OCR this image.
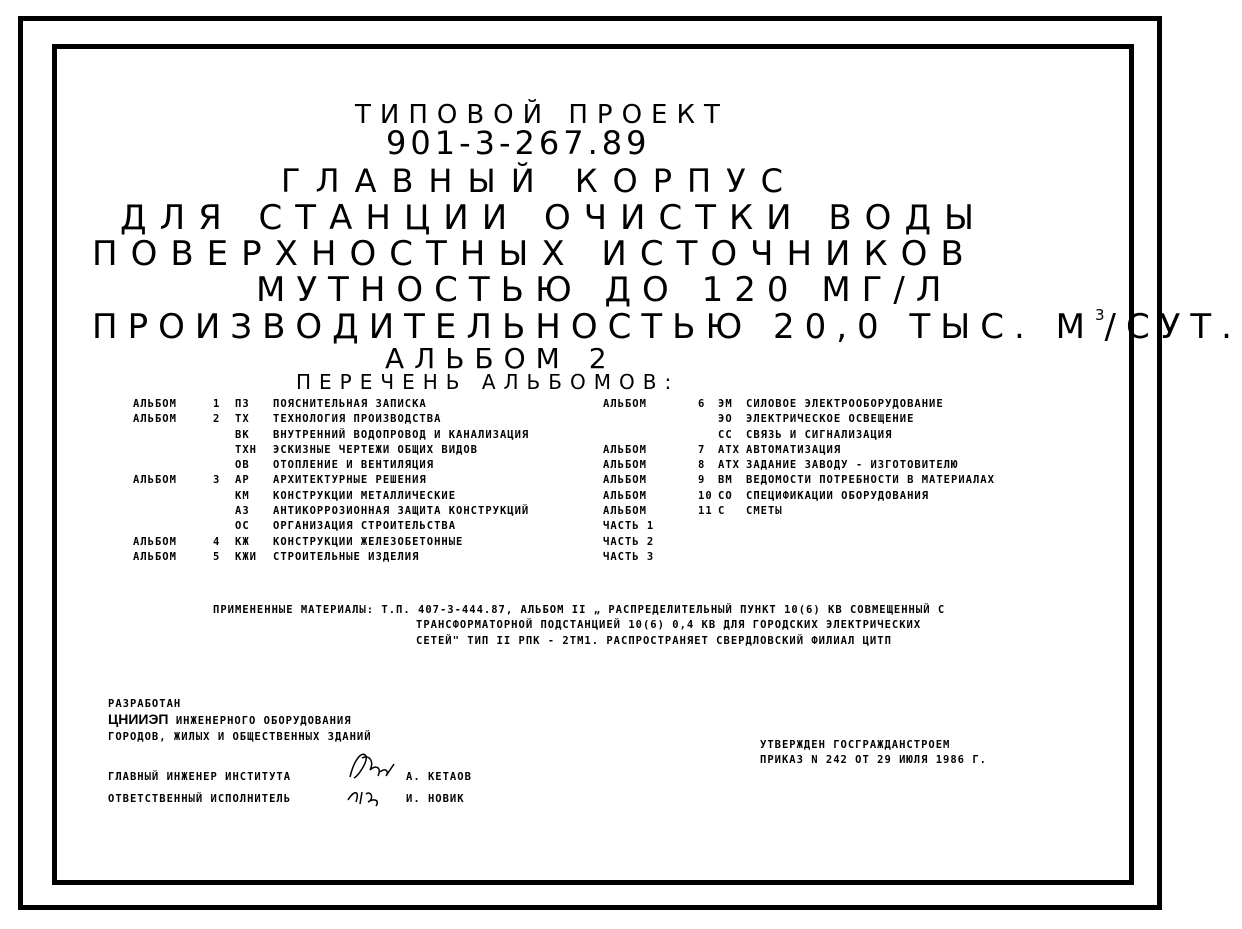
ТИПОВОЙ ПРОЕКТ
901-3-267.89
ГЛАВНЫЙ КОРПУС
ДЛЯ СТАНЦИИ ОЧИСТКИ ВОДЫ
ПОВЕРХНОСТНЫХ ИСТОЧНИКОВ
МУТНОСТЬЮ ДО 120 МГ/Л
ПРОИЗВОДИТЕЛЬНОСТЬЮ 20,0 ТЫС. $М^3$/СУТ.
АЛЬБОМ 2
ПЕРЕЧЕНЬ АЛЬБОМОВ:
АЛЬБОМ	1	ПЗ	ПОЯСНИТЕЛЬНАЯ ЗАПИСКА
АЛЬБОМ	2	ТХ	ТЕХНОЛОГИЯ ПРОИЗВОДСТВА
		ВК	ВНУТРЕННИЙ ВОДОПРОВОД И КАНАЛИЗАЦИЯ
		ТХН	ЭСКИЗНЫЕ ЧЕРТЕЖИ ОБЩИХ ВИДОВ
		ОВ	ОТОПЛЕНИЕ И ВЕНТИЛЯЦИЯ
АЛЬБОМ	3	АР	АРХИТЕКТУРНЫЕ РЕШЕНИЯ
		КМ	КОНСТРУКЦИИ МЕТАЛЛИЧЕСКИЕ
		АЗ	АНТИКОРРОЗИОННАЯ ЗАЩИТА КОНСТРУКЦИЙ
		ОС	ОРГАНИЗАЦИЯ СТРОИТЕЛЬСТВА
АЛЬБОМ	4	КЖ	КОНСТРУКЦИИ ЖЕЛЕЗОБЕТОННЫЕ
АЛЬБОМ	5	КЖИ	СТРОИТЕЛЬНЫЕ ИЗДЕЛИЯ
АЛЬБОМ	6	ЭМ	СИЛОВОЕ ЭЛЕКТРООБОРУДОВАНИЕ
		ЭО	ЭЛЕКТРИЧЕСКОЕ ОСВЕЩЕНИЕ
		СС	СВЯЗЬ И СИГНАЛИЗАЦИЯ
АЛЬБОМ	7	АТХ	АВТОМАТИЗАЦИЯ
АЛЬБОМ	8	АТХ	ЗАДАНИЕ ЗАВОДУ - ИЗГОТОВИТЕЛЮ
АЛЬБОМ	9	ВМ	ВЕДОМОСТИ ПОТРЕБНОСТИ В МАТЕРИАЛАХ
АЛЬБОМ	10	СО	СПЕЦИФИКАЦИИ ОБОРУДОВАНИЯ
АЛЬБОМ	11	С	СМЕТЫ
ЧАСТЬ 1			
ЧАСТЬ 2			
ЧАСТЬ 3			
ПРИМЕНЕННЫЕ МАТЕРИАЛЫ: Т.П. 407-3-444.87, АЛЬБОМ II „ РАСПРЕДЕЛИТЕЛЬНЫЙ ПУНКТ 10(6) КВ СОВМЕЩЕННЫЙ С
ТРАНСФОРМАТОРНОЙ ПОДСТАНЦИЕЙ 10(6) 0,4 КВ ДЛЯ ГОРОДСКИХ ЭЛЕКТРИЧЕСКИХ
СЕТЕЙ" ТИП II РПК - 2ТМ1. РАСПРОСТРАНЯЕТ СВЕРДЛОВСКИЙ ФИЛИАЛ ЦИТП
РАЗРАБОТАН
ЦНИИЭП ИНЖЕНЕРНОГО ОБОРУДОВАНИЯ
ГОРОДОВ, ЖИЛЫХ И ОБЩЕСТВЕННЫХ ЗДАНИЙ
ГЛАВНЫЙ ИНЖЕНЕР ИНСТИТУТА	А. КЕТАОВ
ОТВЕТСТВЕННЫЙ ИСПОЛНИТЕЛЬ	И. НОВИК
УТВЕРЖДЕН ГОСГРАЖДАНСТРОЕМ
ПРИКАЗ N 242 ОТ 29 ИЮЛЯ 1986 Г.
